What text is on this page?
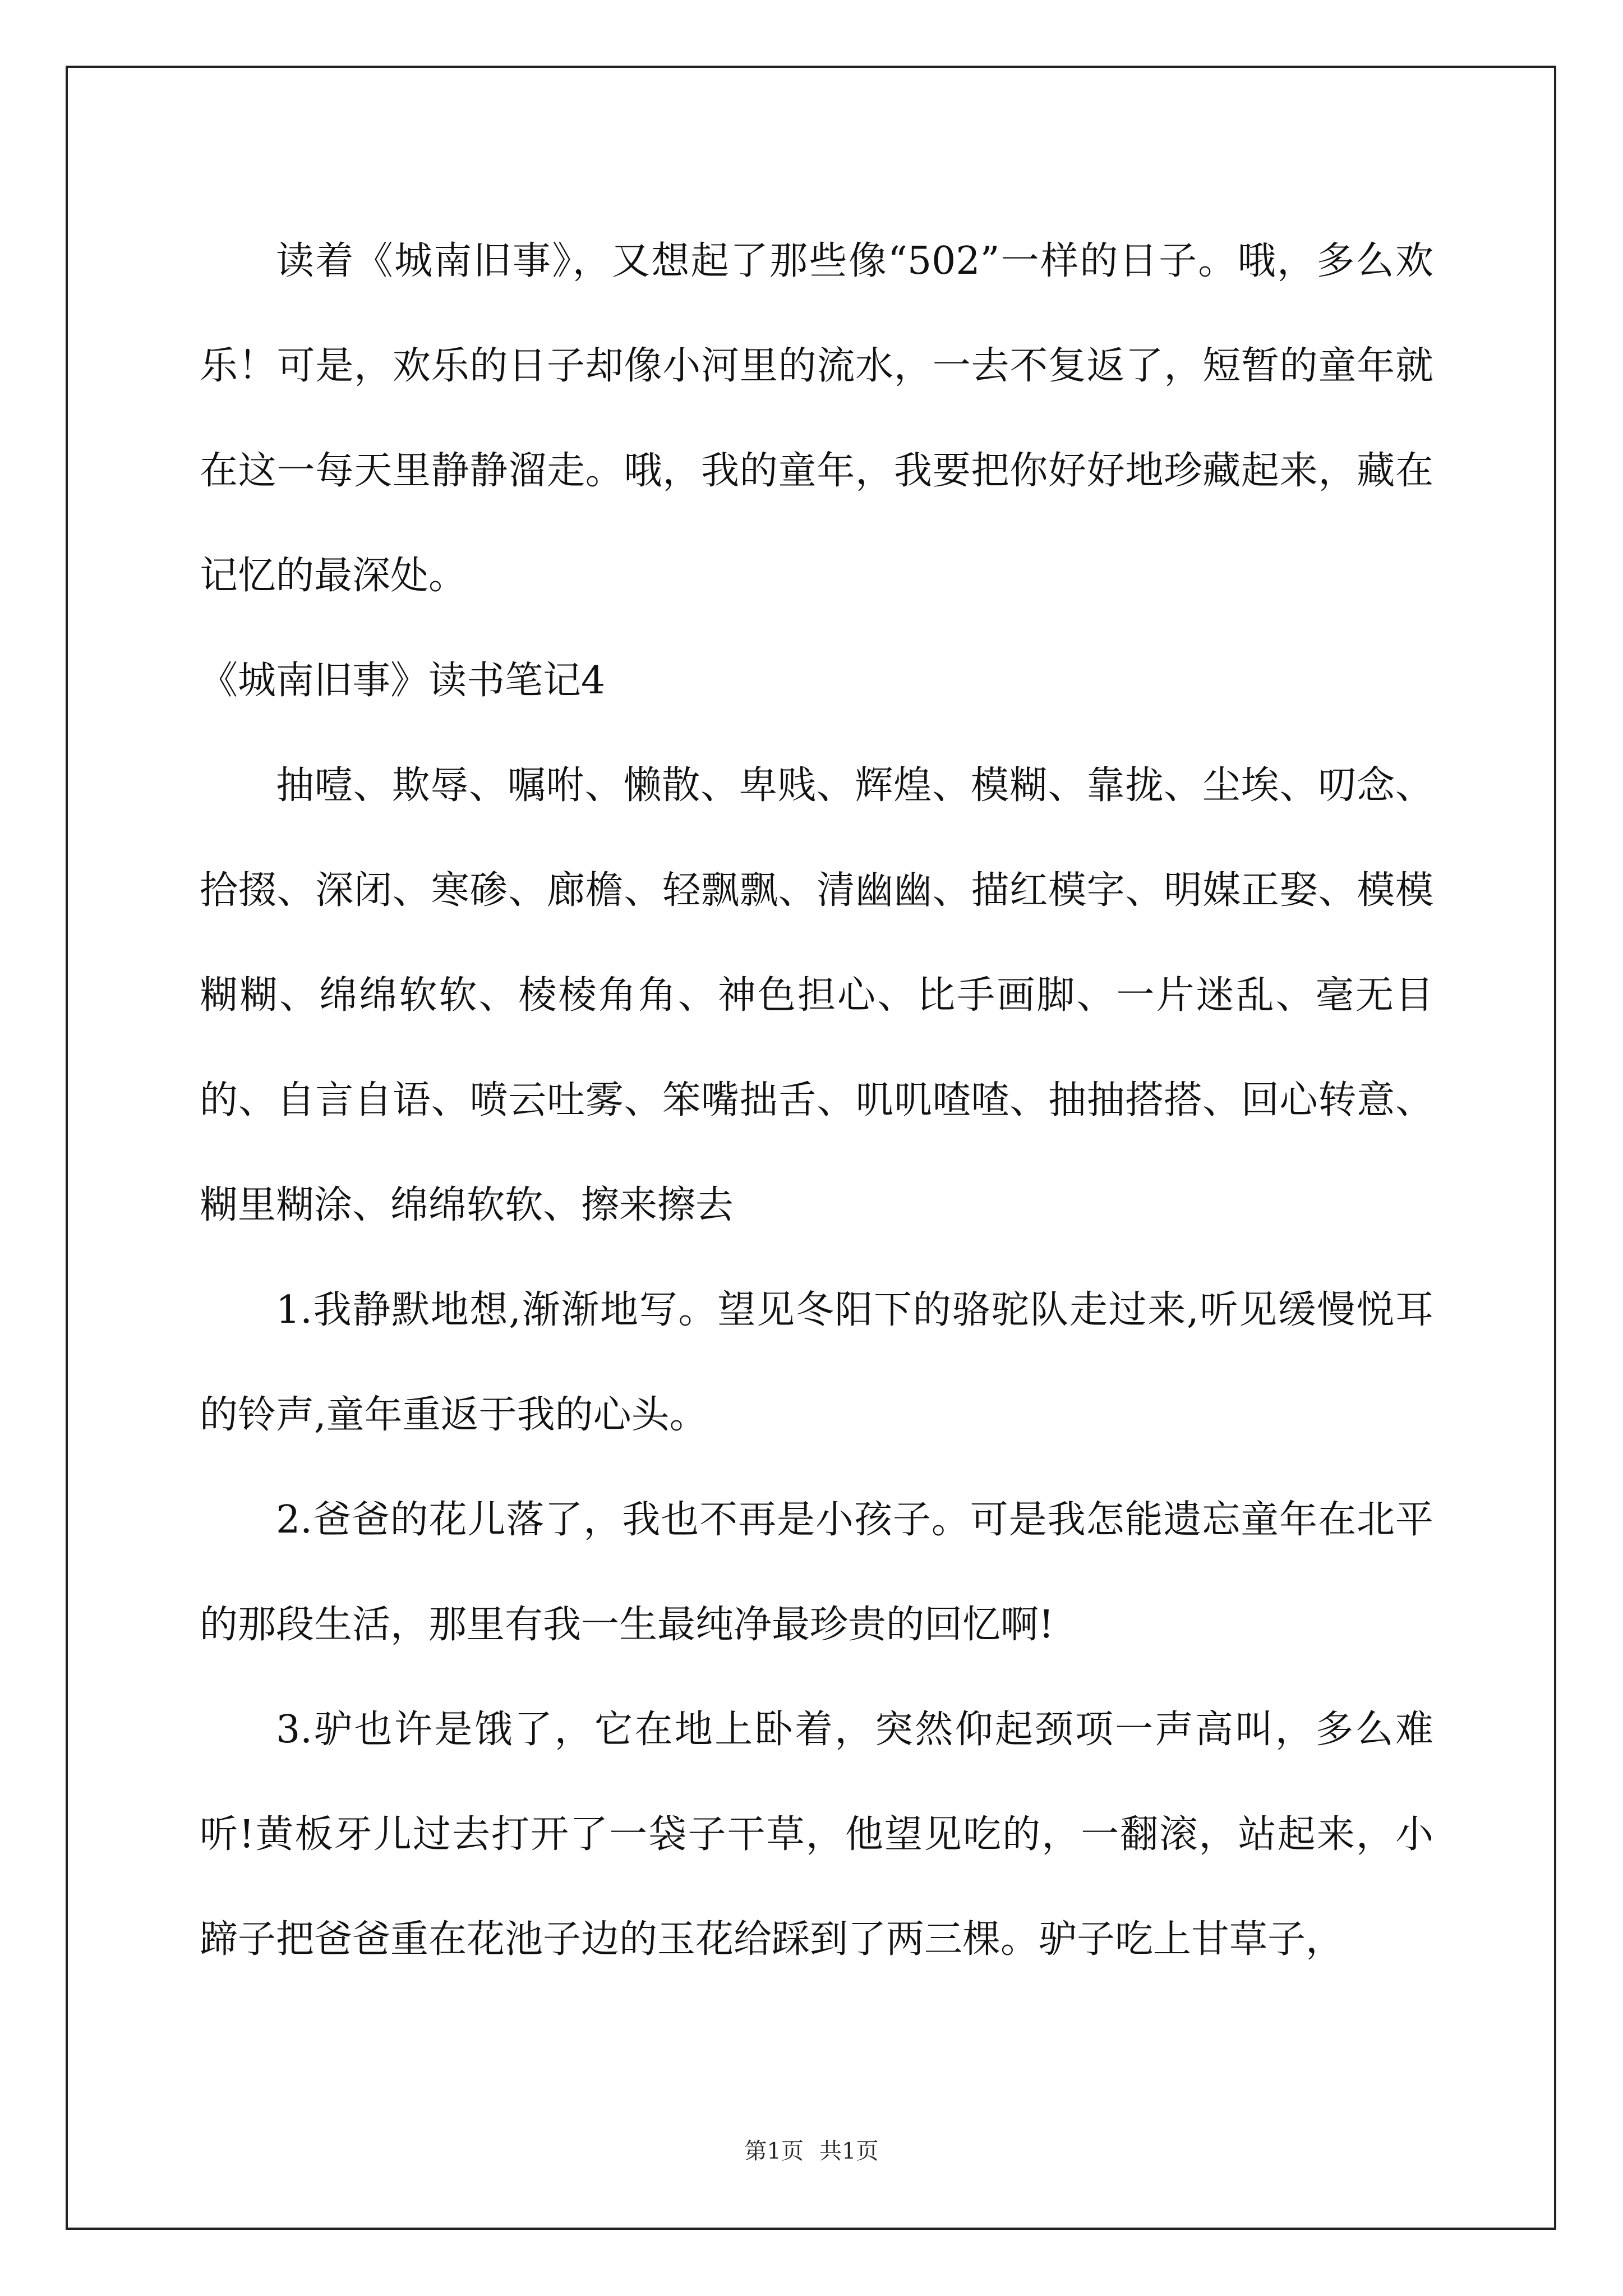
读着《城南旧事》，又想起了那些像“502”一样的日子。哦，多么欢乐！可是，欢乐的日子却像小河里的流水，一去不复返了，短暂的童年就在这一每天里静静溜走。哦，我的童年，我要把你好好地珍藏起来，藏在记忆的最深处。

《城南旧事》读书笔记4

抽噎、欺辱、嘱咐、懒散、卑贱、辉煌、模糊、靠拢、尘埃、叨念、拾掇、深闭、寒碜、廊檐、轻飘飘、清幽幽、描红模字、明媒正娶、模模糊糊、绵绵软软、棱棱角角、神色担心、比手画脚、一片迷乱、毫无目的、自言自语、喷云吐雾、笨嘴拙舌、叽叽喳喳、抽抽搭搭、回心转意、糊里糊涂、绵绵软软、擦来擦去

1.我静默地想,渐渐地写。望见冬阳下的骆驼队走过来,听见缓慢悦耳的铃声,童年重返于我的心头。

2.爸爸的花儿落了，我也不再是小孩子。可是我怎能遗忘童年在北平的那段生活，那里有我一生最纯净最珍贵的回忆啊!

3.驴也许是饿了，它在地上卧着，突然仰起颈项一声高叫，多么难听!黄板牙儿过去打开了一袋子干草，他望见吃的，一翻滚，站起来，小蹄子把爸爸重在花池子边的玉花给踩到了两三棵。驴子吃上甘草子，

第1页 共1页
